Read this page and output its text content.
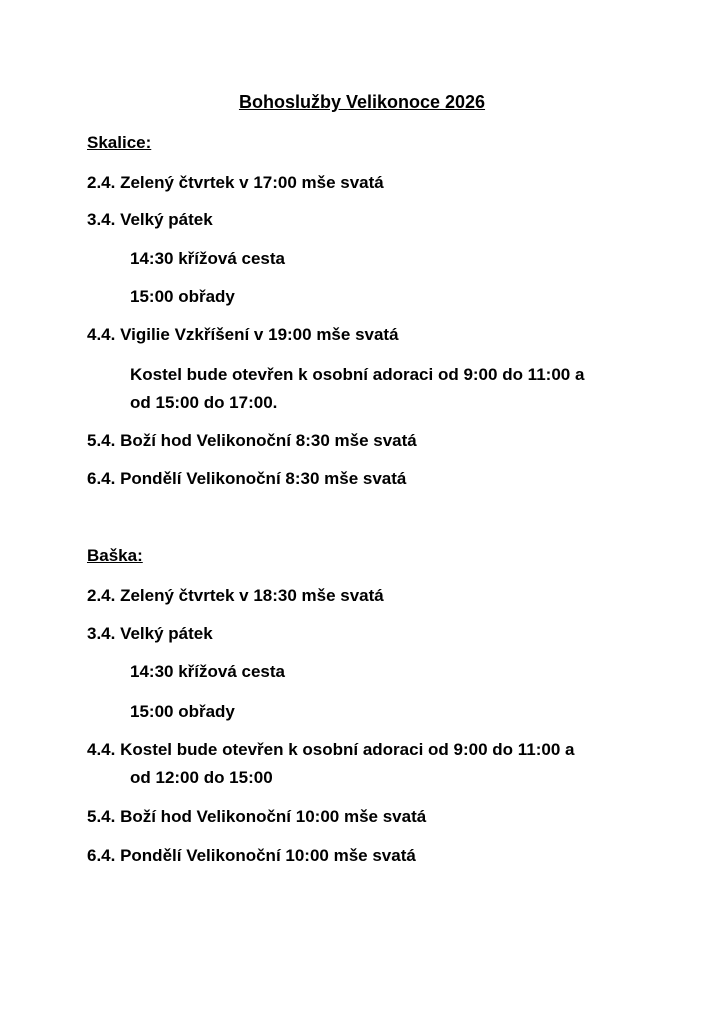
Bohoslužby Velikonoce 2026
Skalice:
2.4. Zelený čtvrtek v 17:00 mše svatá
3.4. Velký pátek
14:30 křížová cesta
15:00 obřady
4.4. Vigilie Vzkříšení v 19:00 mše svatá
Kostel bude otevřen k osobní adoraci od 9:00 do 11:00 a
od 15:00 do 17:00.
5.4. Boží hod Velikonoční 8:30 mše svatá
6.4. Pondělí Velikonoční 8:30 mše svatá
Baška:
2.4. Zelený čtvrtek v 18:30 mše svatá
3.4. Velký pátek
14:30 křížová cesta
15:00 obřady
4.4. Kostel bude otevřen k osobní adoraci od 9:00 do 11:00 a
od 12:00 do 15:00
5.4. Boží hod Velikonoční 10:00 mše svatá
6.4. Pondělí Velikonoční 10:00 mše svatá
